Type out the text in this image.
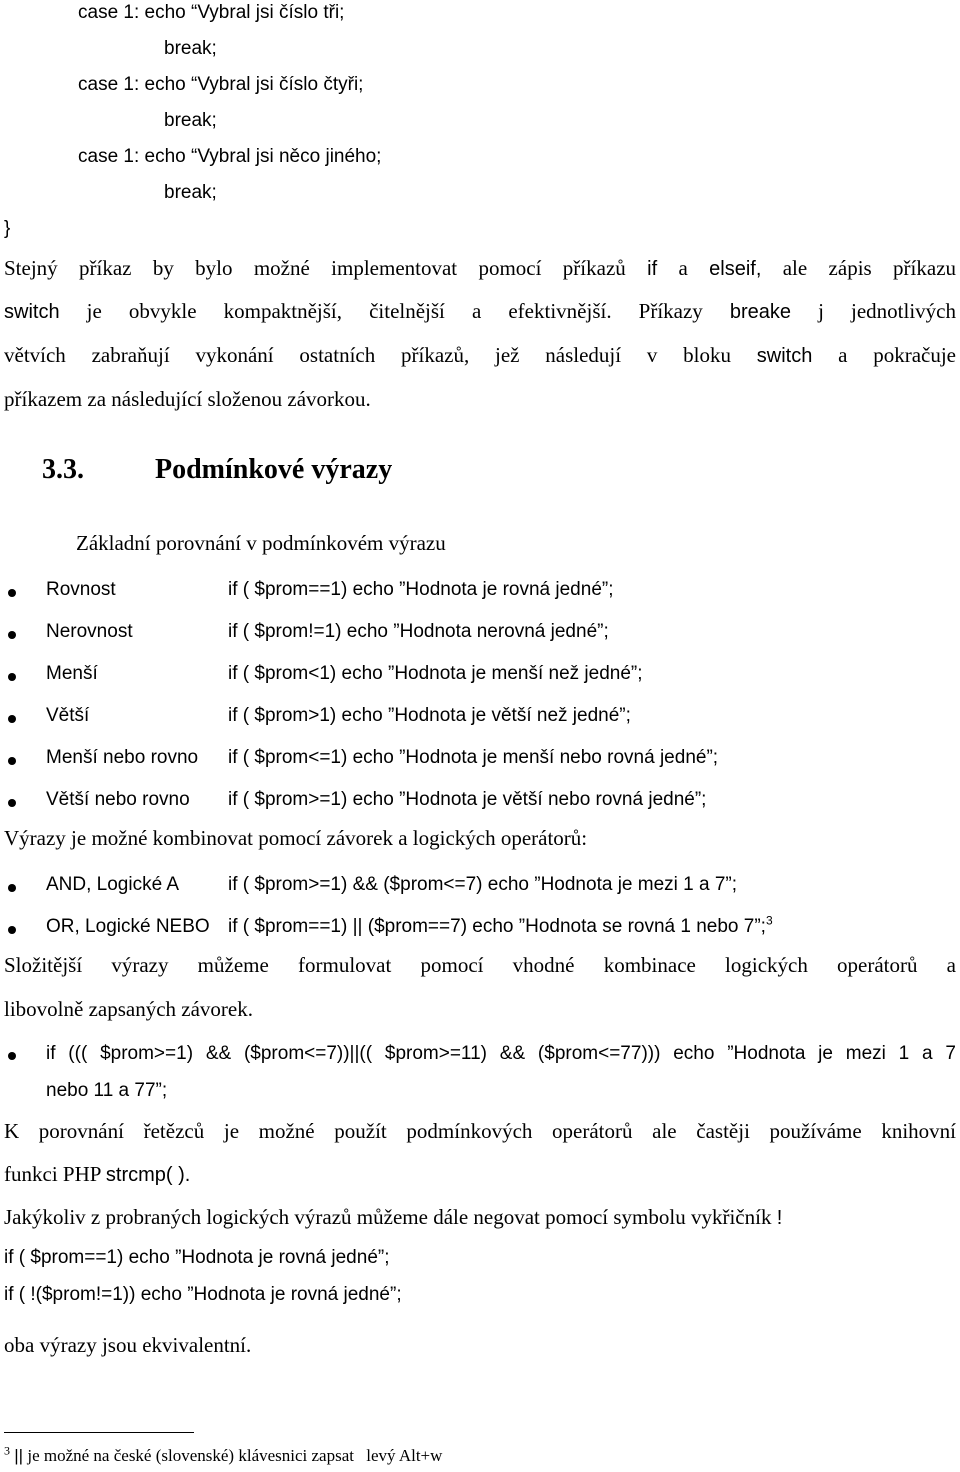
case 1: echo “Vybral jsi číslo tři;
break;
case 1: echo “Vybral jsi číslo čtyři;
break;
case 1: echo “Vybral jsi něco jiného;
break;
}
Stejný příkaz by bylo možné implementovat pomocí příkazů if a elseif, ale zápis příkazu
switch je obvykle kompaktnější, čitelnější a efektivnější. Příkazy breake j jednotlivých
větvích zabraňují vykonání ostatních příkazů, jež následují v bloku switch a pokračuje
příkazem za následující složenou závorkou.
3.3.	Podmínkové výrazy
Základní porovnání v podmínkovém výrazu
Rovnost	if ( $prom==1) echo ”Hodnota je rovná jedné”;
Nerovnost	if ( $prom!=1) echo ”Hodnota nerovná jedné”;
Menší	if ( $prom<1) echo ”Hodnota je menší než jedné”;
Větší	if ( $prom>1) echo ”Hodnota je větší než jedné”;
Menší nebo rovno if ( $prom<=1) echo ”Hodnota je menší nebo rovná jedné”;
Větší nebo rovno if ( $prom>=1) echo ”Hodnota je větší nebo rovná jedné”;
Výrazy je možné kombinovat pomocí závorek a logických operátorů:
AND, Logické A	if ( $prom>=1) && ($prom<=7) echo ”Hodnota je mezi 1 a 7”;
OR, Logické NEBO if ( $prom==1) || ($prom==7) echo ”Hodnota se rovná 1 nebo 7”;$^3$
Složitější výrazy můžeme formulovat pomocí vhodné kombinace logických operátorů a
libovolně zapsaných závorek.
if ((( $prom>=1) && ($prom<=7))||(( $prom>=11) && ($prom<=77))) echo ”Hodnota je mezi 1 a 7
nebo 11 a 77”;
K porovnání řetězců je možné použít podmínkových operátorů ale častěji používáme knihovní
funkci PHP strcmp( ).
Jakýkoliv z probraných logických výrazů můžeme dále negovat pomocí symbolu vykřičník !
if ( $prom==1) echo ”Hodnota je rovná jedné”;
if ( !($prom!=1)) echo ”Hodnota je rovná jedné”;
oba výrazy jsou ekvivalentní.
$^3$ || je možné na české (slovenské) klávesnici zapsat levý Alt+w
